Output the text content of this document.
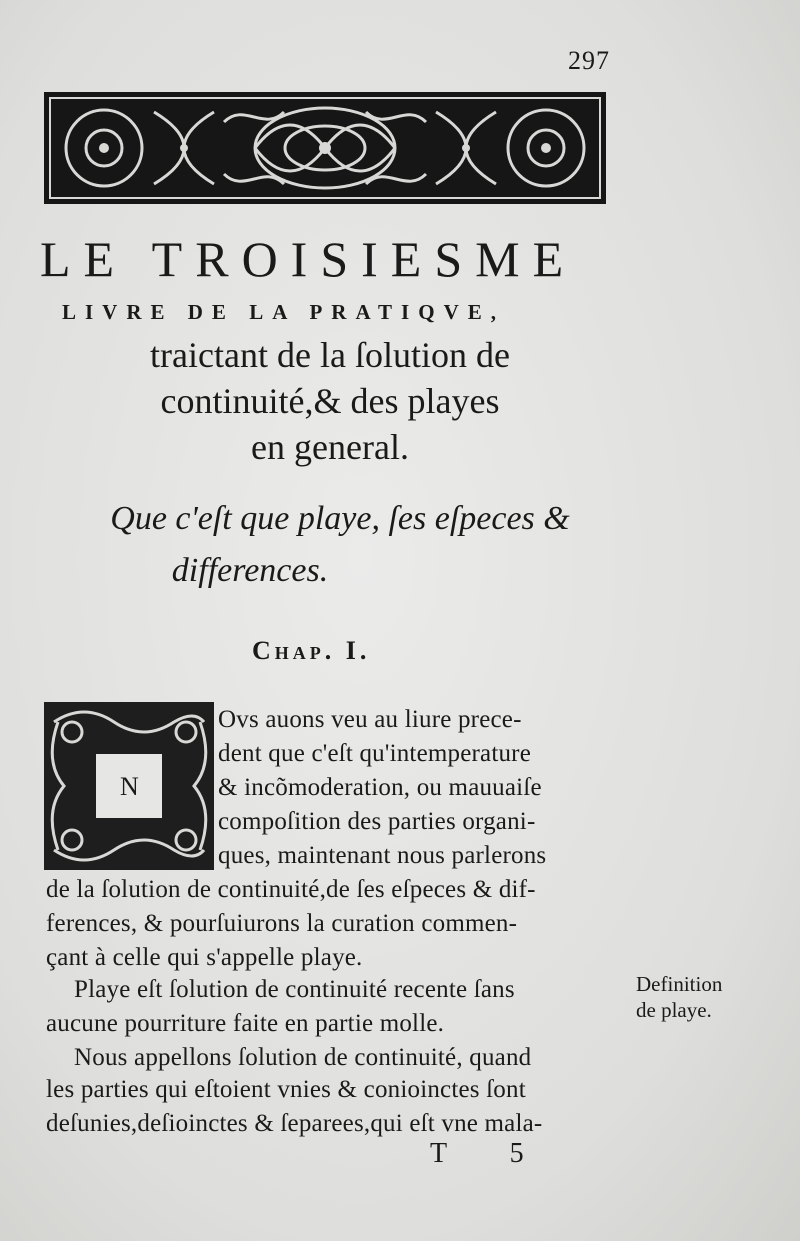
297
LE TROISIESME
LIVRE DE LA PRATIQVE,
traictant de la ſolution de
continuité,& des playes
en general.
Que c'eſt que playe, ſes eſpeces &
differences.
Chap. I.
N
Ovs auons veu au liure prece-
dent que c'eſt qu'intemperature
& incõmoderation, ou mauuaiſe
compoſition des parties organi-
ques, maintenant nous parlerons
de la ſolution de continuité,de ſes eſpeces & dif-
ferences, & pourſuiurons la curation commen-
çant à celle qui s'appelle playe.
Playe eſt ſolution de continuité recente ſans
aucune pourriture faite en partie molle.
Nous appellons ſolution de continuité, quand
les parties qui eſtoient vnies & conioinctes ſont
deſunies,deſioinctes & ſeparees,qui eſt vne mala-
Definition
de playe.
T 5
